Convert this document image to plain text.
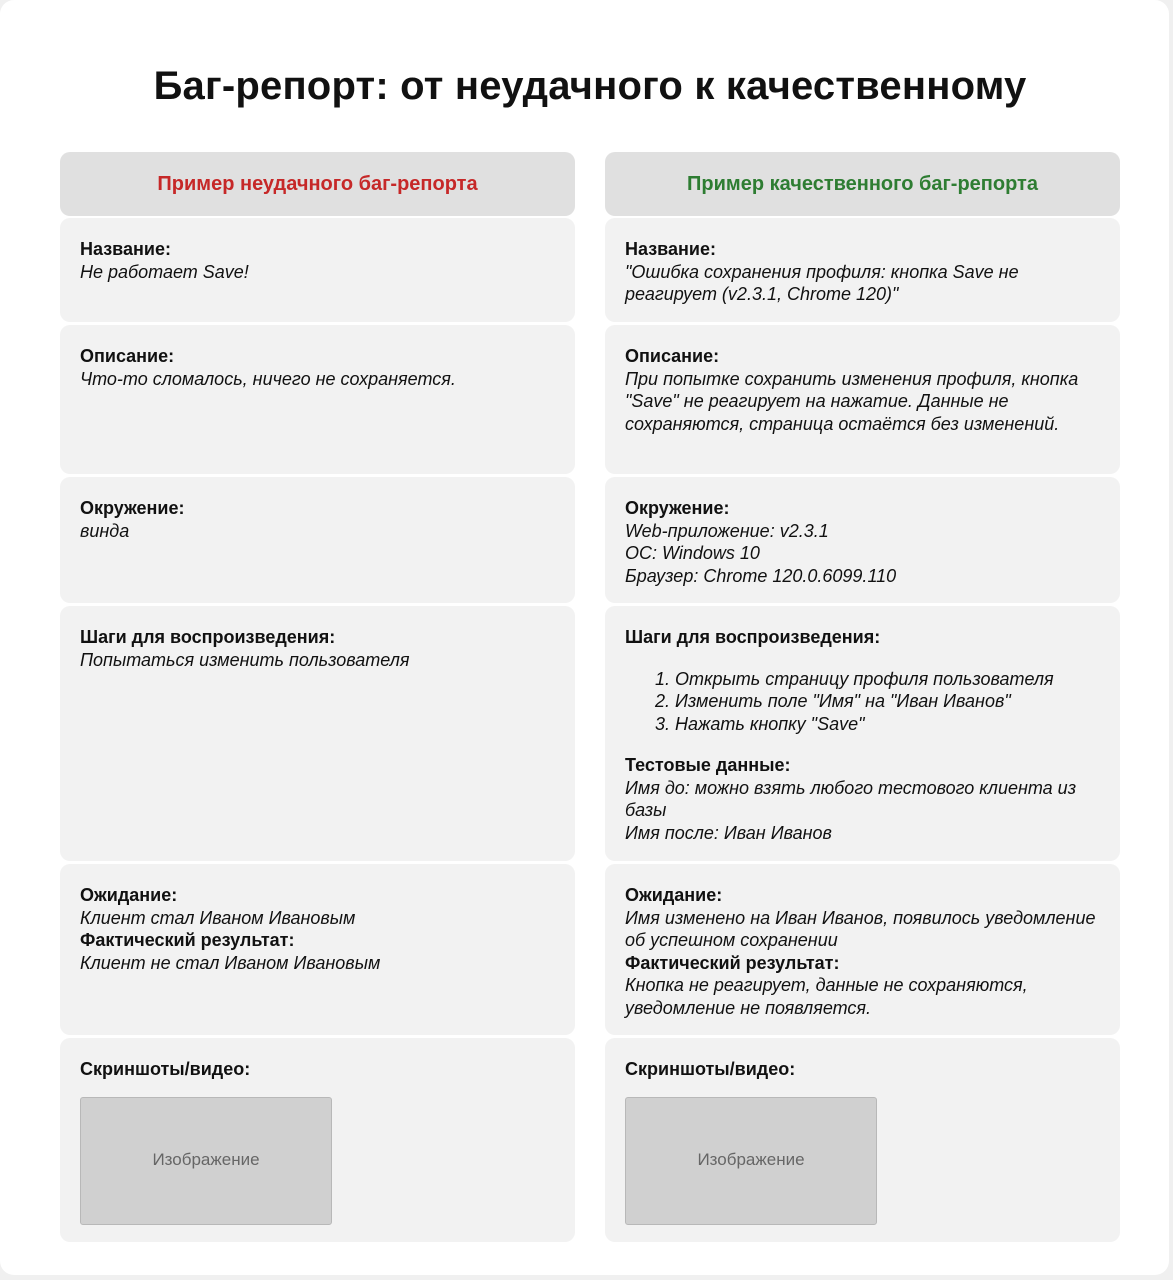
Баг-репорт: от неудачного к качественному
Пример неудачного баг-репорта
Название:
Не работает Save!
Описание:
Что-то сломалось, ничего не сохраняется.
Окружение:
винда
Шаги для воспроизведения:
Попытаться изменить пользователя
Ожидание:
Клиент стал Иваном Ивановым
Фактический результат:
Клиент не стал Иваном Ивановым
Скриншоты/видео:
Изображение
Пример качественного баг-репорта
Название:
"Ошибка сохранения профиля: кнопка Save не реагирует (v2.3.1, Chrome 120)"
Описание:
При попытке сохранить изменения профиля, кнопка "Save" не реагирует на нажатие. Данные не сохраняются, страница остаётся без изменений.
Окружение:
Web-приложение: v2.3.1
ОС: Windows 10
Браузер: Chrome 120.0.6099.110
Шаги для воспроизведения:
1. Открыть страницу профиля пользователя
2. Изменить поле "Имя" на "Иван Иванов"
3. Нажать кнопку "Save"
Тестовые данные:
Имя до: можно взять любого тестового клиента из базы
Имя после: Иван Иванов
Ожидание:
Имя изменено на Иван Иванов, появилось уведомление об успешном сохранении
Фактический результат:
Кнопка не реагирует, данные не сохраняются, уведомление не появляется.
Скриншоты/видео:
Изображение
